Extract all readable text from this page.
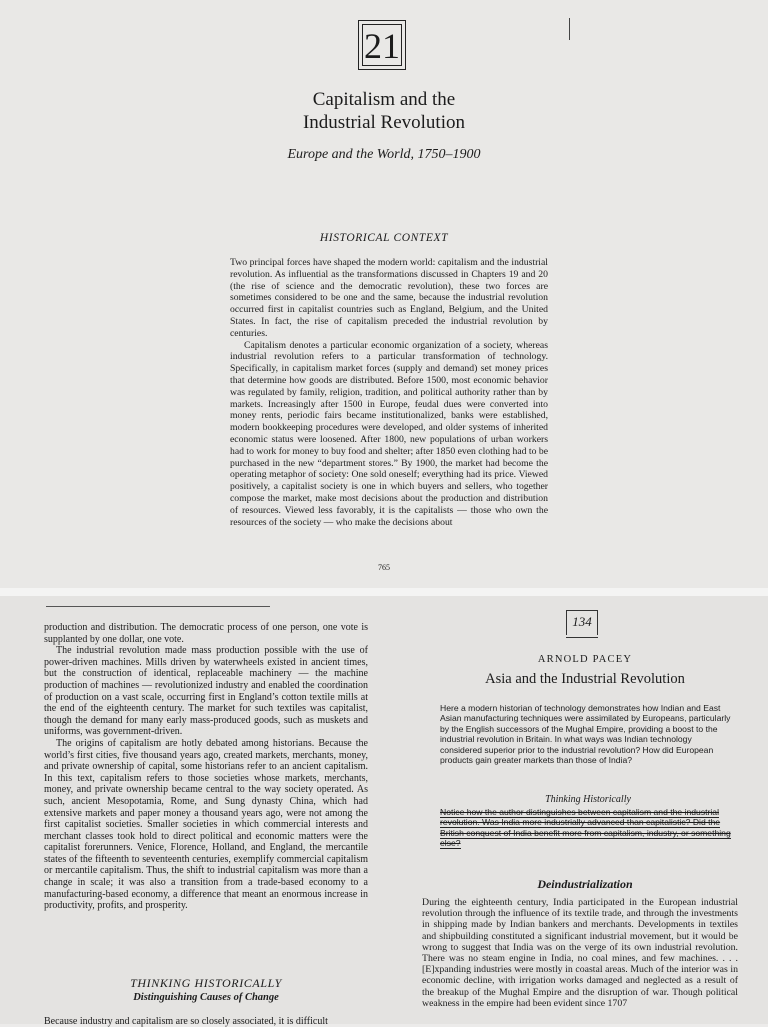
21
Capitalism and the
Industrial Revolution
Europe and the World, 1750–1900
HISTORICAL CONTEXT

Two principal forces have shaped the modern world: capitalism and the industrial revolution. As influential as the transformations discussed in Chapters 19 and 20 (the rise of science and the democratic revolution), these two forces are sometimes considered to be one and the same, because the industrial revolution occurred first in capitalist countries such as England, Belgium, and the United States. In fact, the rise of capitalism preceded the industrial revolution by centuries.

Capitalism denotes a particular economic organization of a society, whereas industrial revolution refers to a particular transformation of technology. Specifically, in capitalism market forces (supply and demand) set money prices that determine how goods are distributed. Before 1500, most economic behavior was regulated by family, religion, tradition, and political authority rather than by markets. Increasingly after 1500 in Europe, feudal dues were converted into money rents, periodic fairs became institutionalized, banks were established, modern bookkeeping procedures were developed, and older systems of inherited economic status were loosened. After 1800, new populations of urban workers had to work for money to buy food and shelter; after 1850 even clothing had to be purchased in the new “department stores.” By 1900, the market had become the operating metaphor of society: One sold oneself; everything had its price. Viewed positively, a capitalist society is one in which buyers and sellers, who together compose the market, make most decisions about the production and distribution of resources. Viewed less favorably, it is the capitalists — those who own the resources of the society — who make the decisions about

765

production and distribution. The democratic process of one person, one vote is supplanted by one dollar, one vote.

The industrial revolution made mass production possible with the use of power-driven machines. Mills driven by waterwheels existed in ancient times, but the construction of identical, replaceable machinery — the machine production of machines — revolutionized industry and enabled the coordination of production on a vast scale, occurring first in England’s cotton textile mills at the end of the eighteenth century. The market for such textiles was capitalist, though the demand for many early mass-produced goods, such as muskets and uniforms, was government-driven.

The origins of capitalism are hotly debated among historians. Because the world’s first cities, five thousand years ago, created markets, merchants, money, and private ownership of capital, some historians refer to an ancient capitalism. In this text, capitalism refers to those societies whose markets, merchants, money, and private ownership became central to the way society operated. As such, ancient Mesopotamia, Rome, and Sung dynasty China, which had extensive markets and paper money a thousand years ago, were not among the first capitalist societies. Smaller societies in which commercial interests and merchant classes took hold to direct political and economic matters were the capitalist forerunners. Venice, Florence, Holland, and England, the mercantile states of the fifteenth to seventeenth centuries, exemplify commercial capitalism or mercantile capitalism. Thus, the shift to industrial capitalism was more than a change in scale; it was also a transition from a trade-based economy to a manufacturing-based economy, a difference that meant an enormous increase in productivity, profits, and prosperity.

THINKING HISTORICALLY
Distinguishing Causes of Change
Because industry and capitalism are so closely associated, it is difficult
134
ARNOLD PACEY
Asia and the Industrial Revolution
Here a modern historian of technology demonstrates how Indian and East Asian manufacturing techniques were assimilated by Europeans, particularly by the English successors of the Mughal Empire, providing a boost to the industrial revolution in Britain. In what ways was Indian technology considered superior prior to the industrial revolution? How did European products gain greater markets than those of India?
Thinking Historically
Notice how the author distinguishes between capitalism and the industrial revolution. Was India more industrially advanced than capitalistic? Did the British conquest of India benefit more from capitalism, industry, or something else?
Deindustrialization

During the eighteenth century, India participated in the European industrial revolution through the influence of its textile trade, and through the investments in shipping made by Indian bankers and merchants. Developments in textiles and shipbuilding constituted a significant industrial movement, but it would be wrong to suggest that India was on the verge of its own industrial revolution. There was no steam engine in India, no coal mines, and few machines. . . . [E]xpanding industries were mostly in coastal areas. Much of the interior was in economic decline, with irrigation works damaged and neglected as a result of the breakup of the Mughal Empire and the disruption of war. Though political weakness in the empire had been evident since 1707
